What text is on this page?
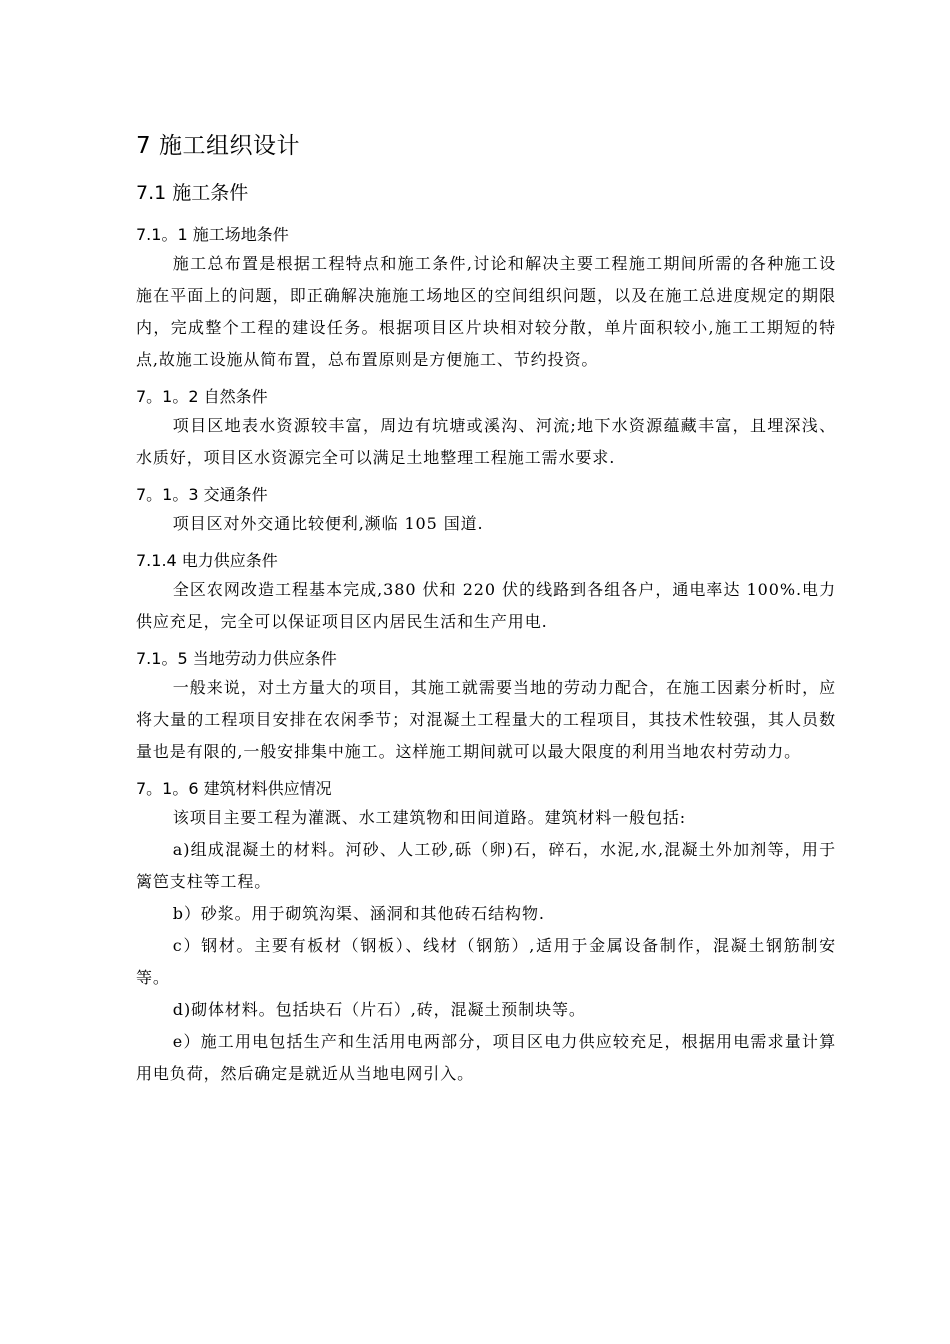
7 施工组织设计
7.1 施工条件
7.1。1 施工场地条件

施工总布置是根据工程特点和施工条件,讨论和解决主要工程施工期间所需的各种施工设施在平面上的问题，即正确解决施施工场地区的空间组织问题，以及在施工总进度规定的期限内，完成整个工程的建设任务。根据项目区片块相对较分散，单片面积较小,施工工期短的特点,故施工设施从简布置，总布置原则是方便施工、节约投资。

7。1。2 自然条件

项目区地表水资源较丰富，周边有坑塘或溪沟、河流;地下水资源蕴藏丰富，且埋深浅、水质好，项目区水资源完全可以满足土地整理工程施工需水要求.

7。1。3 交通条件

项目区对外交通比较便利,濒临 105 国道.

7.1.4 电力供应条件

全区农网改造工程基本完成,380 伏和 220 伏的线路到各组各户，通电率达 100%.电力供应充足，完全可以保证项目区内居民生活和生产用电.

7.1。5 当地劳动力供应条件

一般来说，对土方量大的项目，其施工就需要当地的劳动力配合，在施工因素分析时，应将大量的工程项目安排在农闲季节；对混凝土工程量大的工程项目，其技术性较强，其人员数量也是有限的,一般安排集中施工。这样施工期间就可以最大限度的利用当地农村劳动力。

7。1。6 建筑材料供应情况

该项目主要工程为灌溉、水工建筑物和田间道路。建筑材料一般包括:

a)组成混凝土的材料。河砂、人工砂,砾（卵)石，碎石，水泥,水,混凝土外加剂等，用于篱笆支柱等工程。

b）砂浆。用于砌筑沟渠、涵洞和其他砖石结构物.

c）钢材。主要有板材（钢板）、线材（钢筋）,适用于金属设备制作，混凝土钢筋制安等。

d)砌体材料。包括块石（片石）,砖，混凝土预制块等。

e）施工用电包括生产和生活用电两部分，项目区电力供应较充足，根据用电需求量计算用电负荷，然后确定是就近从当地电网引入。
